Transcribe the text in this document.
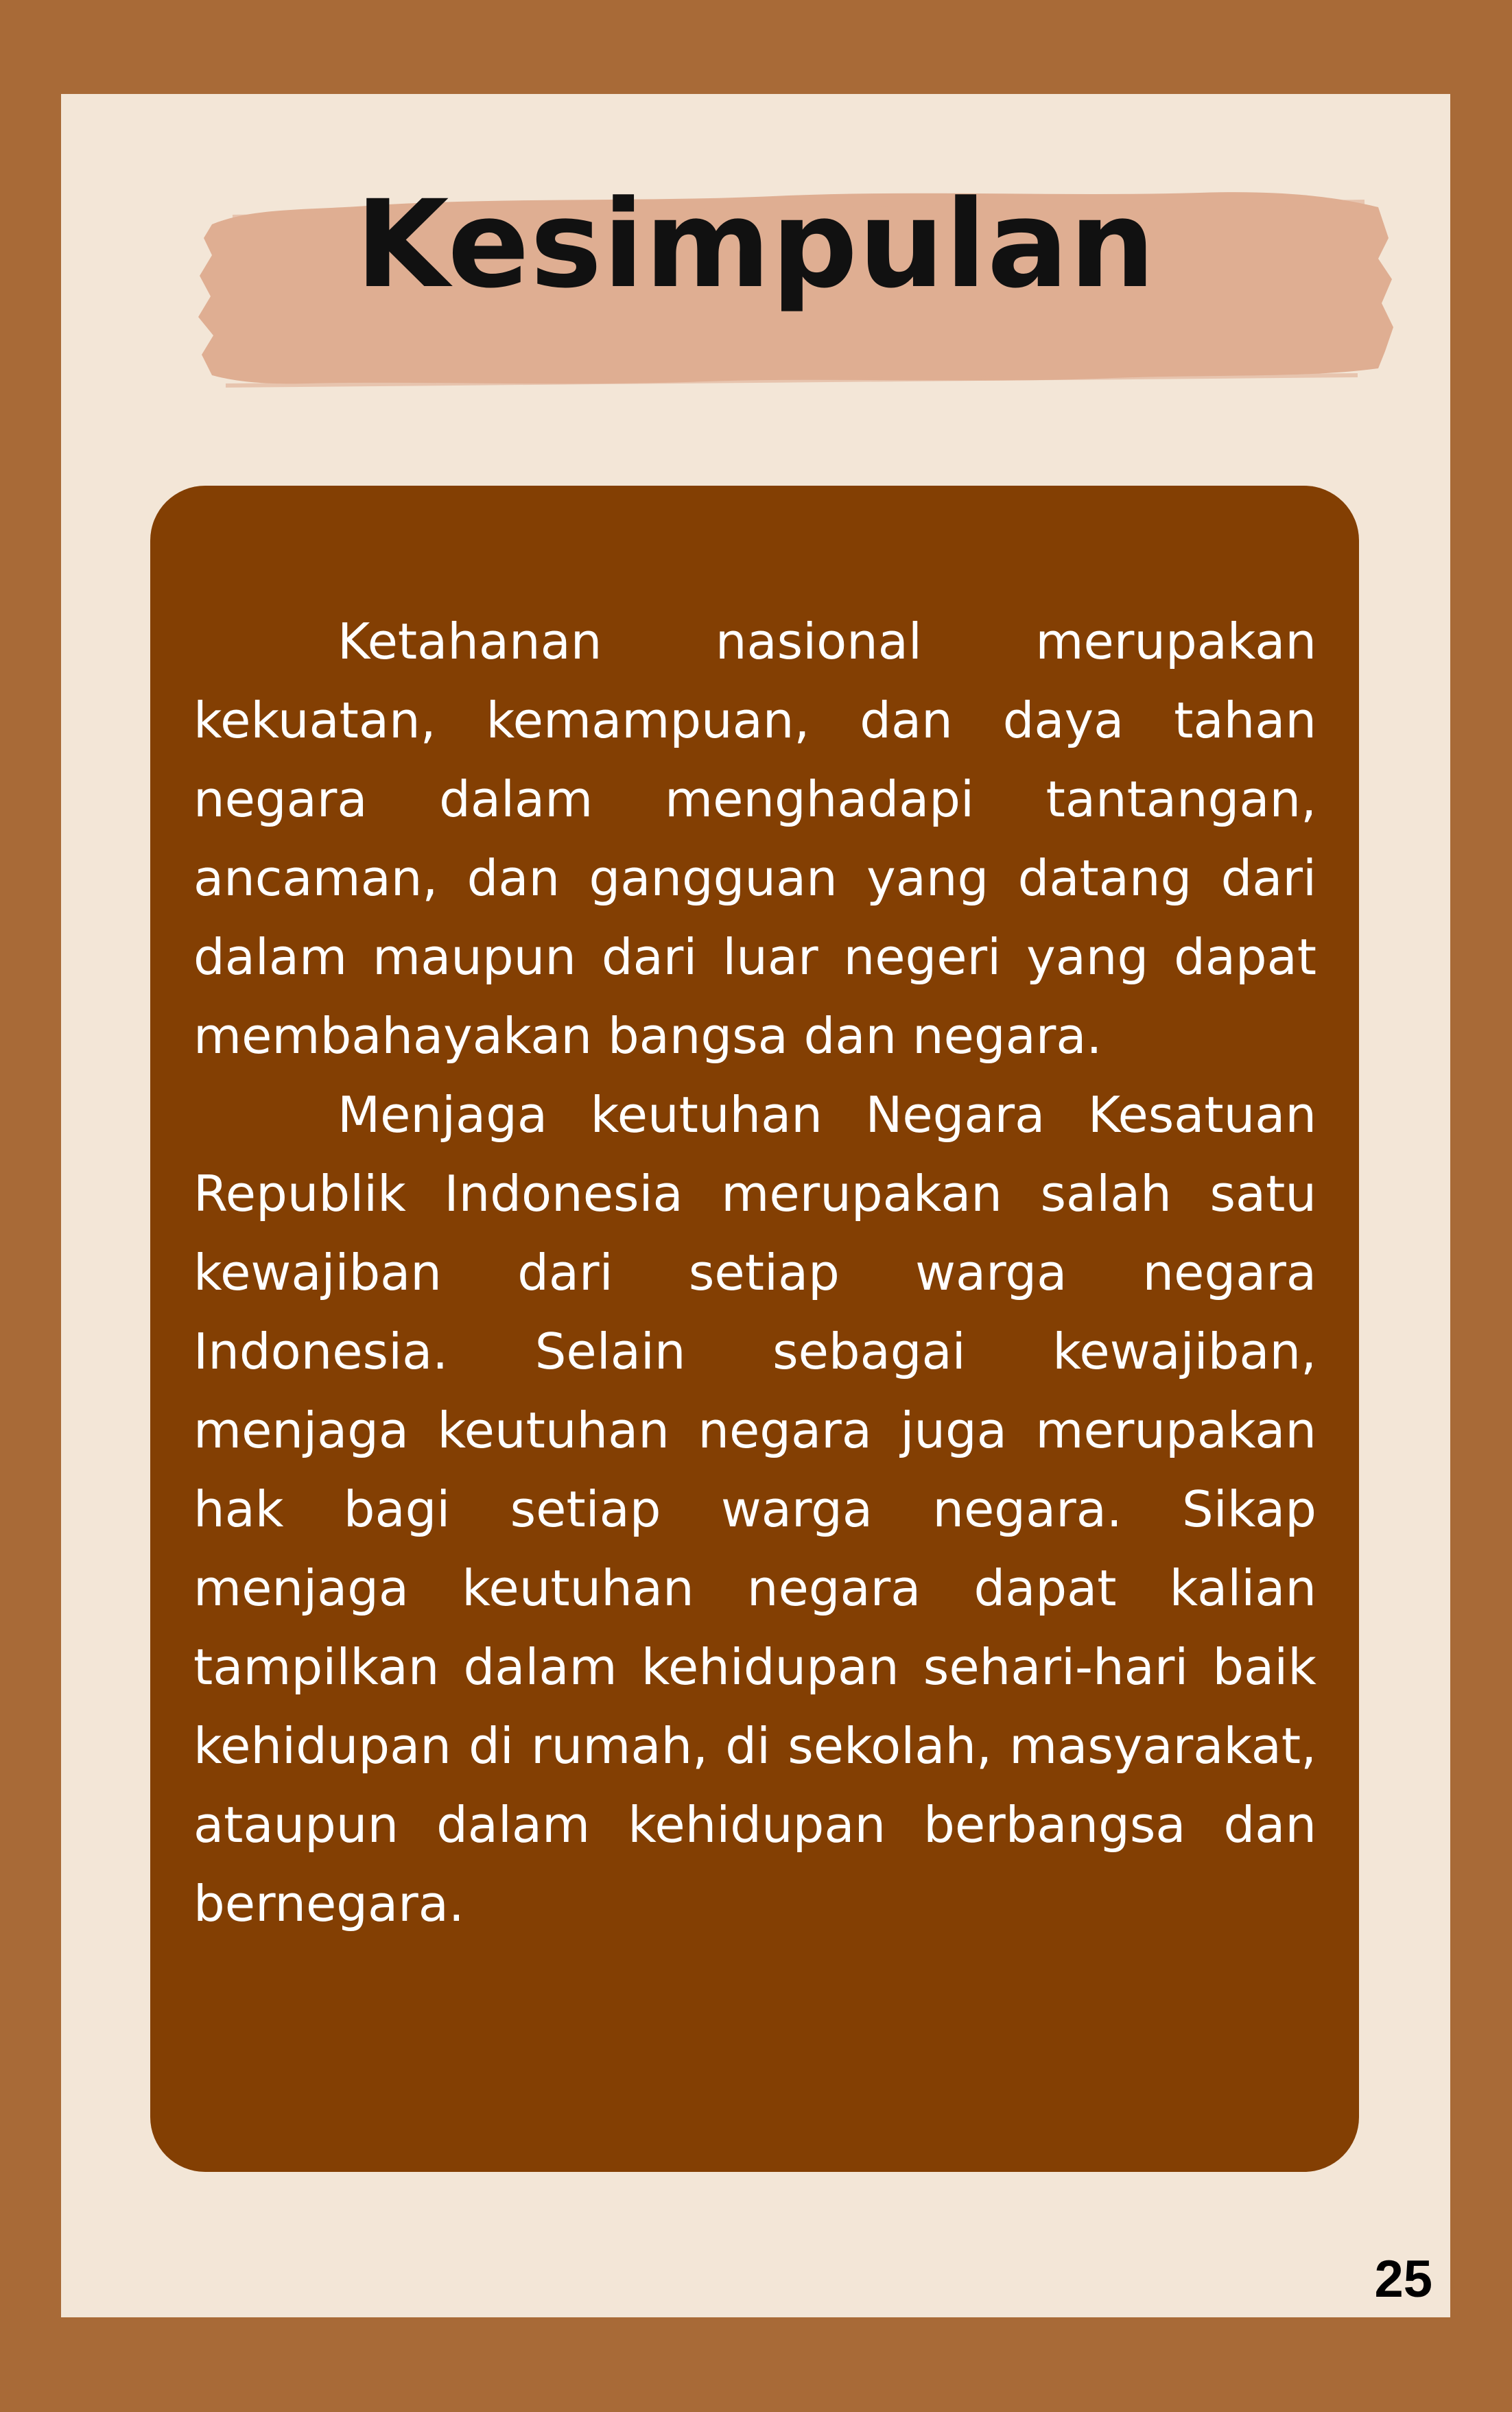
Kesimpulan

Ketahanan nasional merupakan kekuatan, kemampuan, dan daya tahan negara dalam menghadapi tantangan, ancaman, dan gangguan yang datang dari dalam maupun dari luar negeri yang dapat membahayakan bangsa dan negara.

Menjaga keutuhan Negara Kesatuan Republik Indonesia merupakan salah satu kewajiban dari setiap warga negara Indonesia. Selain sebagai kewajiban, menjaga keutuhan negara juga merupakan hak bagi setiap warga negara. Sikap menjaga keutuhan negara dapat kalian tampilkan dalam kehidupan sehari-hari baik kehidupan di rumah, di sekolah, masyarakat, ataupun dalam kehidupan berbangsa dan bernegara.

25
